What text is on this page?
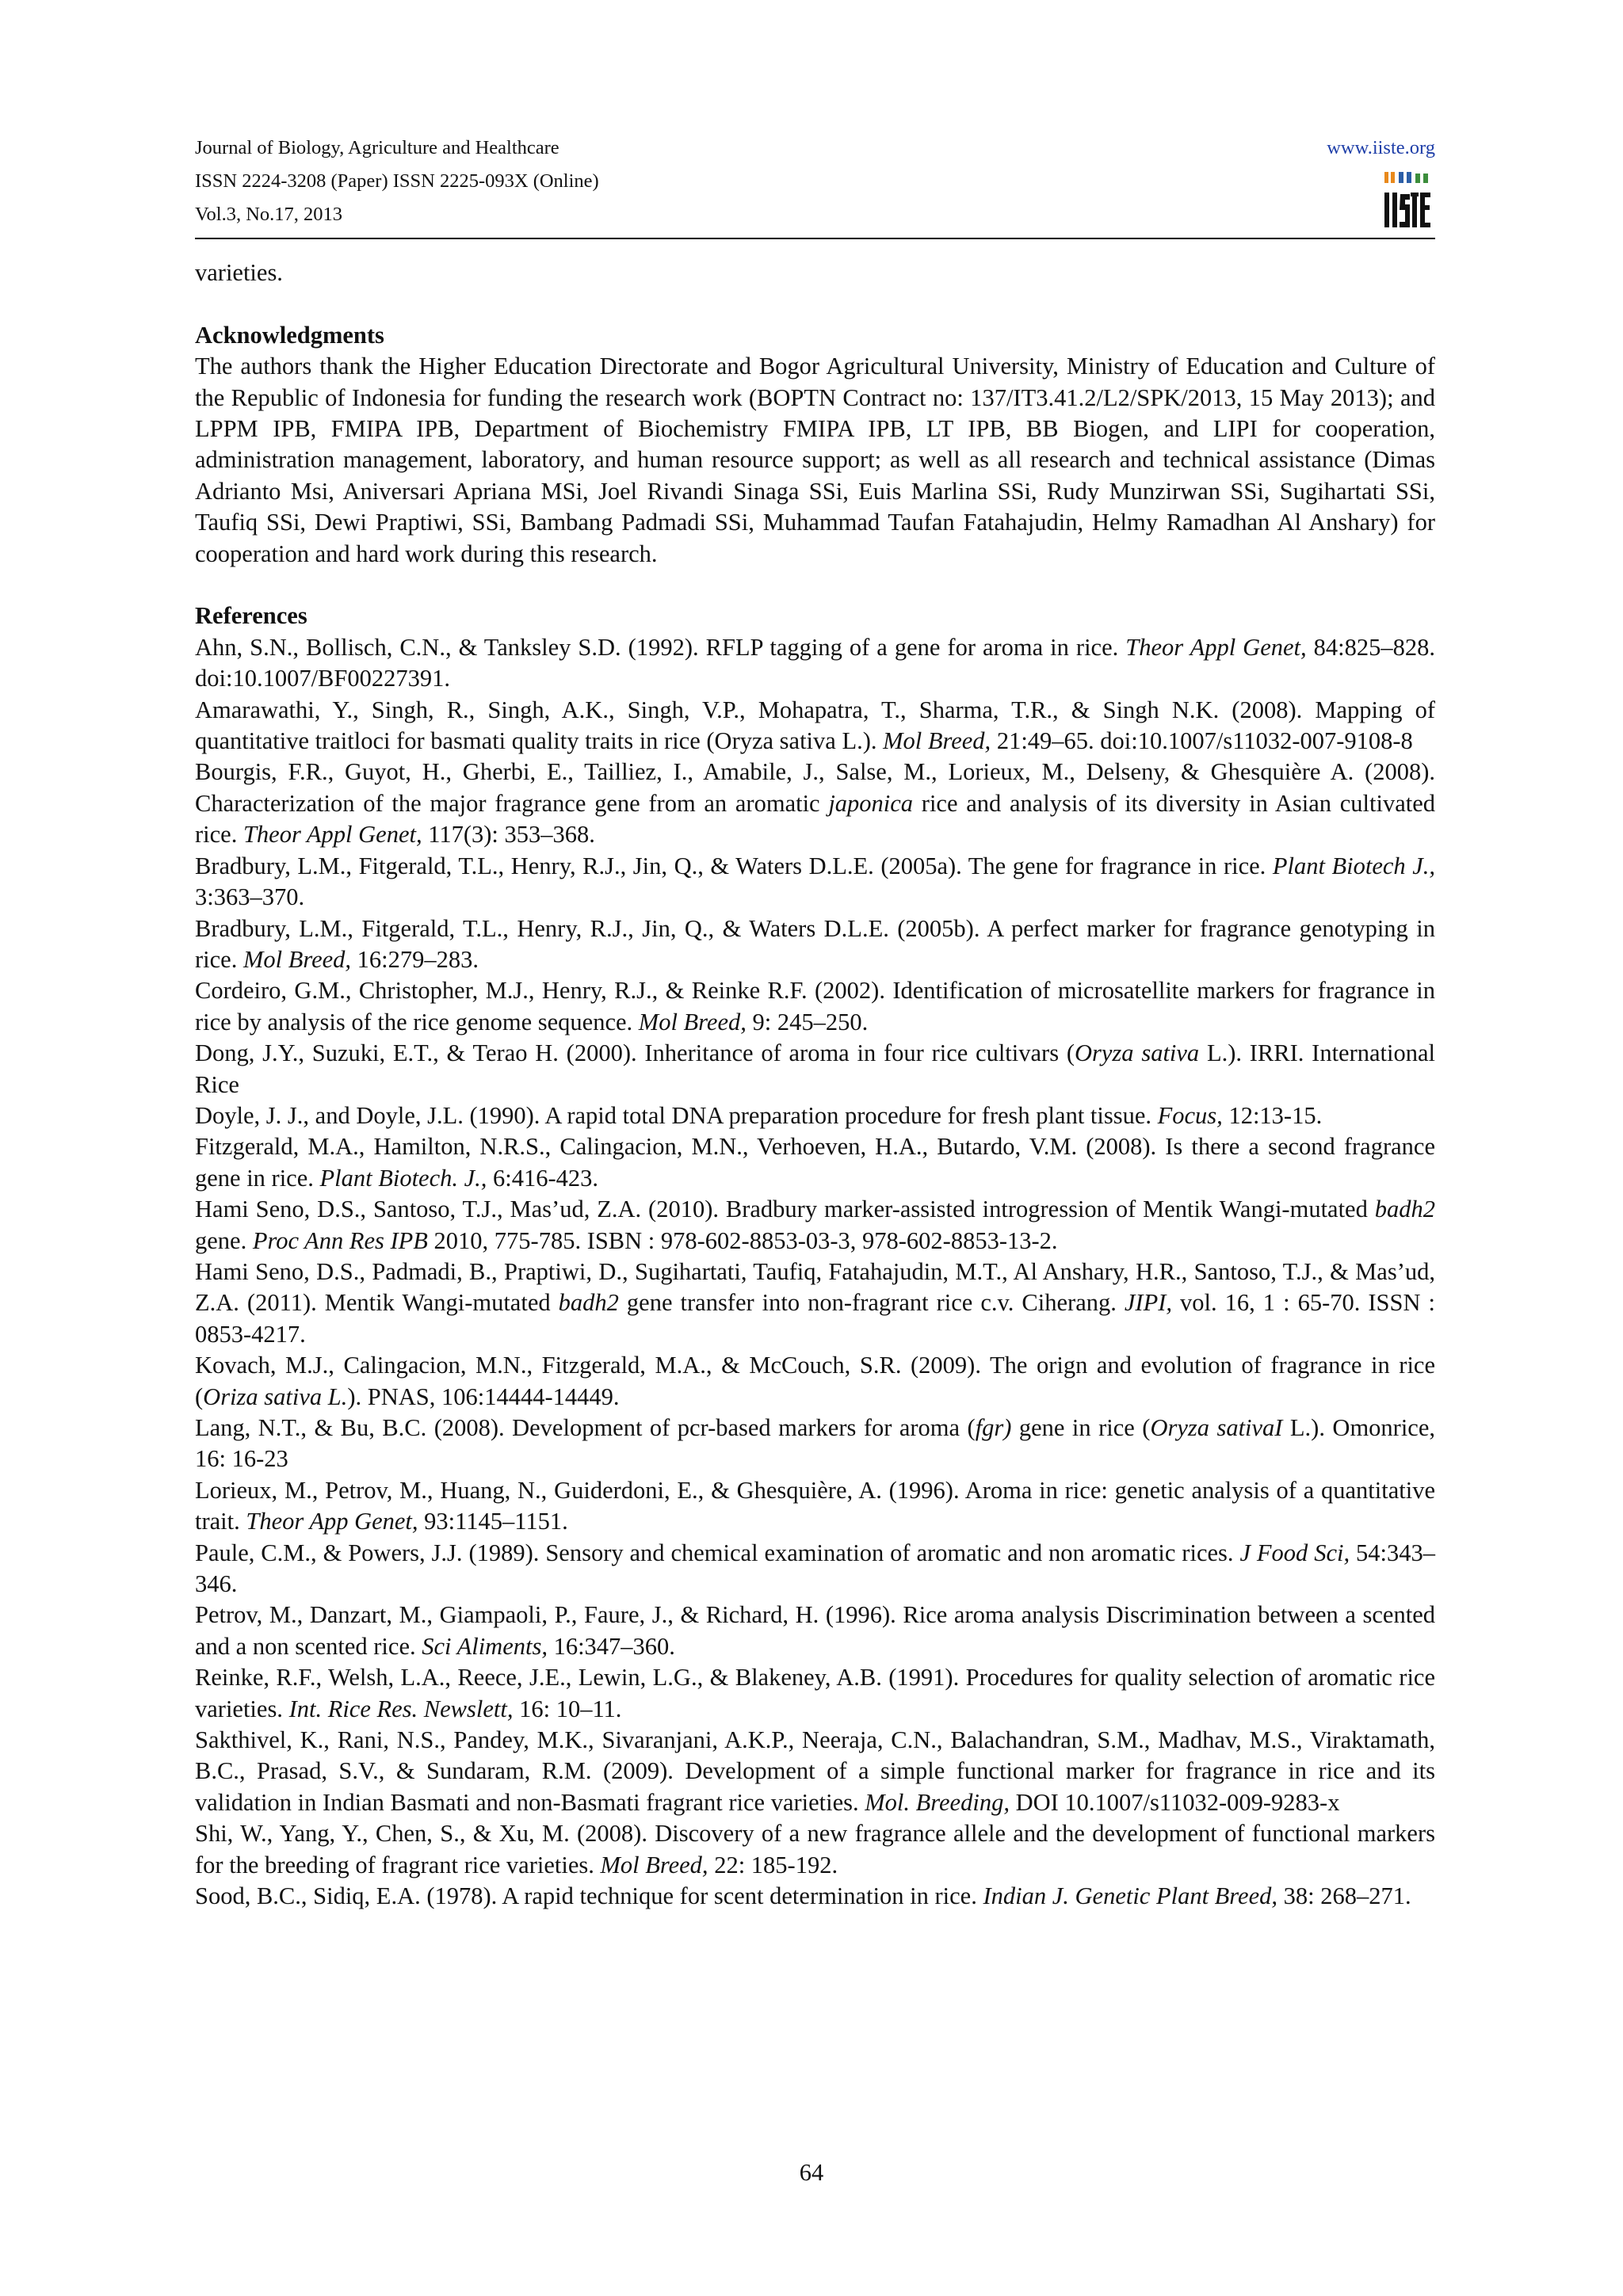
Journal of Biology, Agriculture and Healthcare
ISSN 2224-3208 (Paper) ISSN 2225-093X (Online)
Vol.3, No.17, 2013
www.iiste.org

varieties.

Acknowledgments

The authors thank the Higher Education Directorate and Bogor Agricultural University, Ministry of Education and Culture of the Republic of Indonesia for funding the research work (BOPTN Contract no: 137/IT3.41.2/L2/SPK/2013, 15 May 2013); and LPPM IPB, FMIPA IPB, Department of Biochemistry FMIPA IPB, LT IPB, BB Biogen, and LIPI for cooperation, administration management, laboratory, and human resource support; as well as all research and technical assistance (Dimas Adrianto Msi, Aniversari Apriana MSi, Joel Rivandi Sinaga SSi, Euis Marlina SSi, Rudy Munzirwan SSi, Sugihartati SSi, Taufiq SSi, Dewi Praptiwi, SSi, Bambang Padmadi SSi, Muhammad Taufan Fatahajudin, Helmy Ramadhan Al Anshary) for cooperation and hard work during this research.

References

Ahn, S.N., Bollisch, C.N., & Tanksley S.D. (1992). RFLP tagging of a gene for aroma in rice. Theor Appl Genet, 84:825–828. doi:10.1007/BF00227391.

Amarawathi, Y., Singh, R., Singh, A.K., Singh, V.P., Mohapatra, T., Sharma, T.R., & Singh N.K. (2008). Mapping of quantitative traitloci for basmati quality traits in rice (Oryza sativa L.). Mol Breed, 21:49–65. doi:10.1007/s11032-007-9108-8

Bourgis, F.R., Guyot, H., Gherbi, E., Tailliez, I., Amabile, J., Salse, M., Lorieux, M., Delseny, & Ghesquière A. (2008). Characterization of the major fragrance gene from an aromatic japonica rice and analysis of its diversity in Asian cultivated rice. Theor Appl Genet, 117(3): 353–368.

Bradbury, L.M., Fitgerald, T.L., Henry, R.J., Jin, Q., & Waters D.L.E. (2005a). The gene for fragrance in rice. Plant Biotech J., 3:363–370.

Bradbury, L.M., Fitgerald, T.L., Henry, R.J., Jin, Q., & Waters D.L.E. (2005b). A perfect marker for fragrance genotyping in rice. Mol Breed, 16:279–283.

Cordeiro, G.M., Christopher, M.J., Henry, R.J., & Reinke R.F. (2002). Identification of microsatellite markers for fragrance in rice by analysis of the rice genome sequence. Mol Breed, 9: 245–250.

Dong, J.Y., Suzuki, E.T., & Terao H. (2000). Inheritance of aroma in four rice cultivars (Oryza sativa L.). IRRI. International Rice

Doyle, J. J., and Doyle, J.L. (1990). A rapid total DNA preparation procedure for fresh plant tissue. Focus, 12:13-15.

Fitzgerald, M.A., Hamilton, N.R.S., Calingacion, M.N., Verhoeven, H.A., Butardo, V.M. (2008). Is there a second fragrance gene in rice. Plant Biotech. J., 6:416-423.

Hami Seno, D.S., Santoso, T.J., Mas’ud, Z.A. (2010). Bradbury marker-assisted introgression of Mentik Wangi-mutated badh2 gene. Proc Ann Res IPB 2010, 775-785. ISBN : 978-602-8853-03-3, 978-602-8853-13-2.

Hami Seno, D.S., Padmadi, B., Praptiwi, D., Sugihartati, Taufiq, Fatahajudin, M.T., Al Anshary, H.R., Santoso, T.J., & Mas’ud, Z.A. (2011). Mentik Wangi-mutated badh2 gene transfer into non-fragrant rice c.v. Ciherang. JIPI, vol. 16, 1 : 65-70. ISSN : 0853-4217.

Kovach, M.J., Calingacion, M.N., Fitzgerald, M.A., & McCouch, S.R. (2009). The orign and evolution of fragrance in rice (Oriza sativa L.). PNAS, 106:14444-14449.

Lang, N.T., & Bu, B.C. (2008). Development of pcr-based markers for aroma (fgr) gene in rice (Oryza sativaI L.). Omonrice, 16: 16-23

Lorieux, M., Petrov, M., Huang, N., Guiderdoni, E., & Ghesquière, A. (1996). Aroma in rice: genetic analysis of a quantitative trait. Theor App Genet, 93:1145–1151.

Paule, C.M., & Powers, J.J. (1989). Sensory and chemical examination of aromatic and non aromatic rices. J Food Sci, 54:343–346.

Petrov, M., Danzart, M., Giampaoli, P., Faure, J., & Richard, H. (1996). Rice aroma analysis Discrimination between a scented and a non scented rice. Sci Aliments, 16:347–360.

Reinke, R.F., Welsh, L.A., Reece, J.E., Lewin, L.G., & Blakeney, A.B. (1991). Procedures for quality selection of aromatic rice varieties. Int. Rice Res. Newslett, 16: 10–11.

Sakthivel, K., Rani, N.S., Pandey, M.K., Sivaranjani, A.K.P., Neeraja, C.N., Balachandran, S.M., Madhav, M.S., Viraktamath, B.C., Prasad, S.V., & Sundaram, R.M. (2009). Development of a simple functional marker for fragrance in rice and its validation in Indian Basmati and non-Basmati fragrant rice varieties. Mol. Breeding, DOI 10.1007/s11032-009-9283-x

Shi, W., Yang, Y., Chen, S., & Xu, M. (2008). Discovery of a new fragrance allele and the development of functional markers for the breeding of fragrant rice varieties. Mol Breed, 22: 185-192.

Sood, B.C., Sidiq, E.A. (1978). A rapid technique for scent determination in rice. Indian J. Genetic Plant Breed, 38: 268–271.

64
